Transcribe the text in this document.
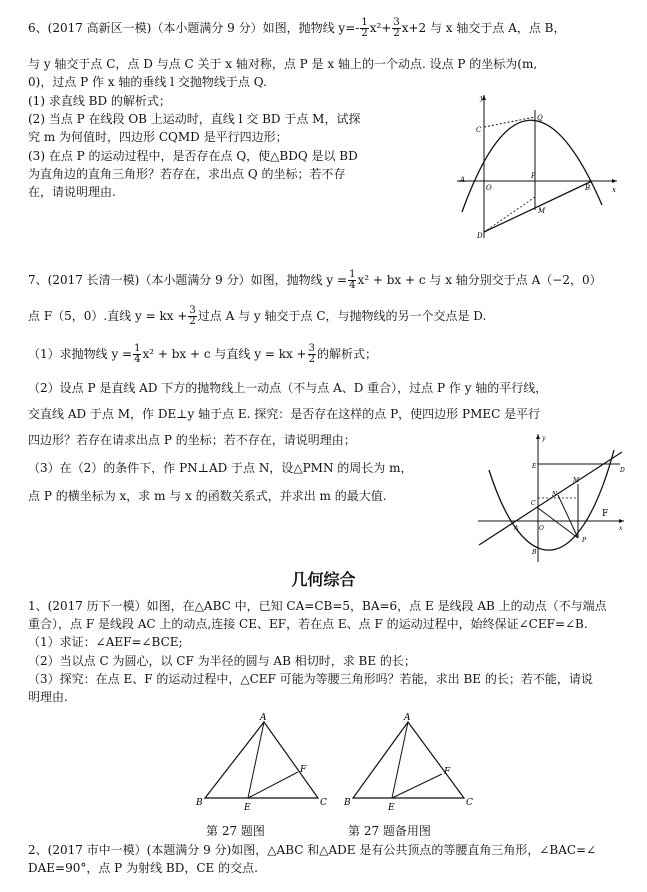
6、(2017 高新区一模)（本小题满分 9 分）如图，抛物线 $y=- \frac{1}{2} x^2+ \frac{3}{2} x+2$ 与 x 轴交于点 A，点 B，
与 y 轴交于点 C，点 D 与点 C 关于 x 轴对称，点 P 是 x 轴上的一个动点. 设点 P 的坐标为(m,
0)，过点 P 作 x 轴的垂线 l 交抛物线于点 Q.
(1) 求直线 BD 的解析式；
(2) 当点 P 在线段 OB 上运动时，直线 l 交 BD 于点 M，试探
究 m 为何值时，四边形 CQMD 是平行四边形；
(3) 在点 P 的运动过程中，是否存在点 Q，使△BDQ 是以 BD
为直角边的直角三角形？若存在，求出点 Q 的坐标；若不存
在，请说明理由.
y
x
C
Q
A
O
P
B
M
D
7、(2017 长清一模)（本小题满分 9 分）如图，抛物线 $y = \frac{1}{4} x^2$ + bx + c 与 x 轴分别交于点 A（−2，0）
点 F（5，0）.直线 y = kx + $\frac{3}{2}$ 过点 A 与 y 轴交于点 C，与抛物线的另一个交点是 D.
（1）求抛物线 $y = \frac{1}{4} x^2$ + bx + c 与直线 y = kx + $\frac{3}{2}$ 的解析式；
（2）设点 P 是直线 AD 下方的抛物线上一动点（不与点 A、D 重合），过点 P 作 y 轴的平行线，
交直线 AD 于点 M，作 DE⊥y 轴于点 E. 探究：是否存在这样的点 P，使四边形 PMEC 是平行
四边形？若存在请求出点 P 的坐标；若不存在，请说明理由；
（3）在（2）的条件下，作 PN⊥AD 于点 N，设△PMN 的周长为 m，
点 P 的横坐标为 x，求 m 与 x 的函数关系式，并求出 m 的最大值.
y
x
E
D
M
N
C
F
A	O
P
B
几何综合
1、(2017 历下一模）如图，在△ABC 中，已知 CA=CB=5，BA=6，点 E 是线段 AB 上的动点（不与端点
重合），点 F 是线段 AC 上的动点,连接 CE、EF，若在点 E、点 F 的运动过程中，始终保证∠CEF=∠B.
（1）求证：∠AEF=∠BCE;
（2）当以点 C 为圆心，以 CF 为半径的圆与 AB 相切时，求 BE 的长；
（3）探究：在点 E、F 的运动过程中，△CEF 可能为等腰三角形吗？若能，求出 BE 的长；若不能，请说
明理由.
A
B	C
E
F
A
B	C
E
F
第 27 题图	第 27 题备用图
2、(2017 市中一模）(本题满分 9 分)如图，△ABC 和△ADE 是有公共顶点的等腰直角三角形，∠BAC=∠
DAE=90°，点 P 为射线 BD，CE 的交点.
